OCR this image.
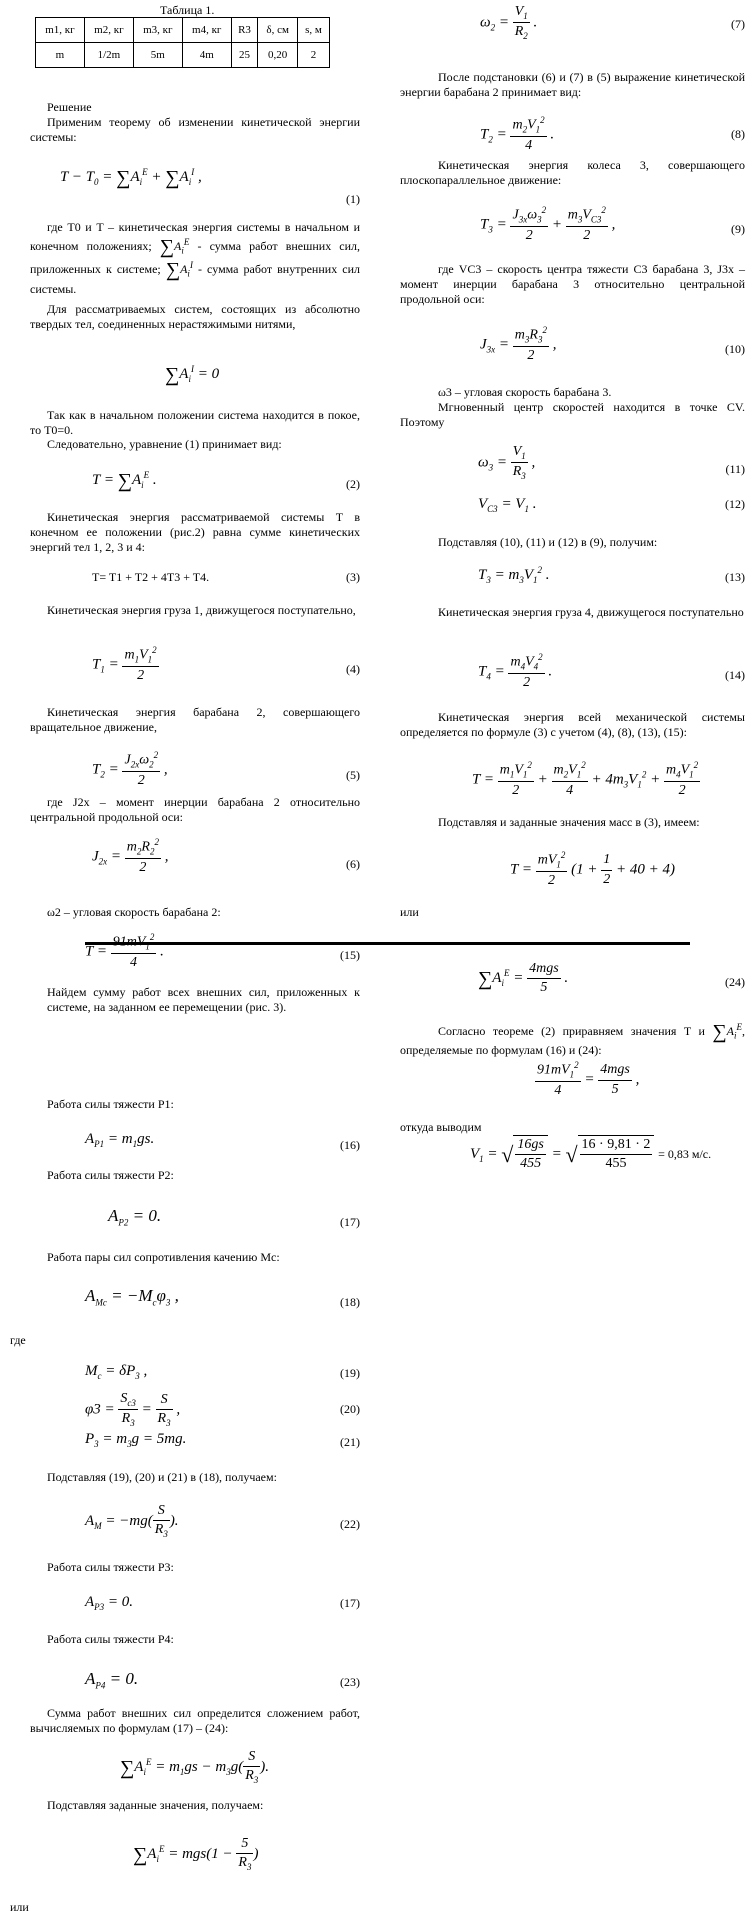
Таблица 1.
m1, кг	m2, кг	m3, кг	m4, кг	R3	δ, см	s, м
m	1/2m	5m	4m	25	0,20	2
Решение
Применим теорему об изменении кинетической энергии системы:
$T - T_0 = \sum A_i^E + \sum A_i^I$ ,
(1)
где T0 и T – кинетическая энергия системы в начальном и конечном положениях; $\sum A_i^E$ - сумма работ внешних сил, приложенных к системе; $\sum A_i^I$ - сумма работ внутренних сил системы.
Для рассматриваемых систем, состоящих из абсолютно твердых тел, соединенных нерастяжимыми нитями,
$\sum A_i^I = 0$
Так как в начальном положении система находится в покое, то T0=0.
Следовательно, уравнение (1) принимает вид:
$T = \sum A_i^E$ .	(2)
Кинетическая энергия рассматриваемой системы T в конечном ее положении (рис.2) равна сумме кинетических энергий тел 1, 2, 3 и 4:
T= T1 + T2 + 4T3 + T4.	(3)
Кинетическая энергия груза 1, движущегося поступательно,
$T_1 = \frac{m_1V_1^2}{2}$	(4)
Кинетическая энергия барабана 2, совершающего вращательное движение,
$T_2 = \frac{J_{2x}\omega_2^2}{2}$ ,	(5)
где J2x – момент инерции барабана 2 относительно центральной продольной оси:
$J_{2x} = \frac{m_2R_2^2}{2}$ ,	(6)
ω2 – угловая скорость барабана 2:
$\omega_2 = \frac{V_1}{R_2}$ .	(7)
После подстановки (6) и (7) в (5) выражение кинетической энергии барабана 2 принимает вид:
$T_2 = \frac{m_2V_1^2}{4}$ .	(8)
Кинетическая энергия колеса 3, совершающего плоскопараллельное движение:
$T_3 = \frac{J_{3x}\omega_3^2}{2} + \frac{m_3V_{C3}^2}{2}$ ,	(9)
где VC3 – скорость центра тяжести C3 барабана 3, J3x – момент инерции барабана 3 относительно центральной продольной оси:
$J_{3x} = \frac{m_3R_3^2}{2}$ ,	(10)
ω3 – угловая скорость барабана 3.
Мгновенный центр скоростей находится в точке CV. Поэтому
$\omega_3 = \frac{V_1}{R_3}$ ,	(11)
$V_{C3} = V_1$ .	(12)
Подставляя (10), (11) и (12) в (9), получим:
$T_3 = m_3V_1^2$ .	(13)
Кинетическая энергия груза 4, движущегося поступательно
$T_4 = \frac{m_4V_4^2}{2}$ .	(14)
Кинетическая энергия всей механической системы определяется по формуле (3) с учетом (4), (8), (13), (15):
$T = \frac{m_1V_1^2}{2} + \frac{m_2V_1^2}{4} + 4m_3V_1^2 + \frac{m_4V_1^2}{2}$
Подставляя и заданные значения масс в (3), имеем:
$T = \frac{mV_1^2}{2} (1 + \frac{1}{2} + 40 + 4)$
или
$T = \frac{91mV_1^2}{4}$ .	(15)
Найдем сумму работ всех внешних сил, приложенных к системе, на заданном ее перемещении (рис. 3).
Работа силы тяжести P1:
$A_{P1} = m_1gs$.	(16)
Работа силы тяжести P2:
$A_{P2} = 0$.	(17)
Работа пары сил сопротивления качению Mc:
$A_{Mc} = -M_c\varphi_3$ ,	(18)
где
$M_c = \delta P_3$ ,	(19)
$\varphi 3 = \frac{S_{c3}}{R_3} = \frac{S}{R_3}$ ,	(20)
$P_3 = m_3g = 5mg$.	(21)
Подставляя (19), (20) и (21) в (18), получаем:
$A_M = -mg( \frac{S}{R_3}$ ).	(22)
Работа силы тяжести P3:
$A_{P3} = 0$.	(17)
Работа силы тяжести P4:
$A_{P4} = 0$.	(23)
Сумма работ внешних сил определится сложением работ, вычисляемых по формулам (17) – (24):
$\sum A_i^E = m_1gs - m_3g( \frac{S}{R_3}$ ).
Подставляя заданные значения, получаем:
$\sum A_i^E = mgs(1 - \frac{5}{R_3}$ )
или
$\sum A_i^E = \frac{\text{4mgs}}{5}$ .	(24)
Согласно теореме (2) приравняем значения T и $\sum A_i^E$, определяемые по формулам (16) и (24):
$\frac{91mV_1^2}{4} = \frac{\text{4mgs}}{5}$ ,
откуда выводим
$V_1$ = √ $\frac{16gs}{455}$ = √ $\frac{16 \cdot 9,81 \cdot 2}{455} = 0,83$ м/с.
